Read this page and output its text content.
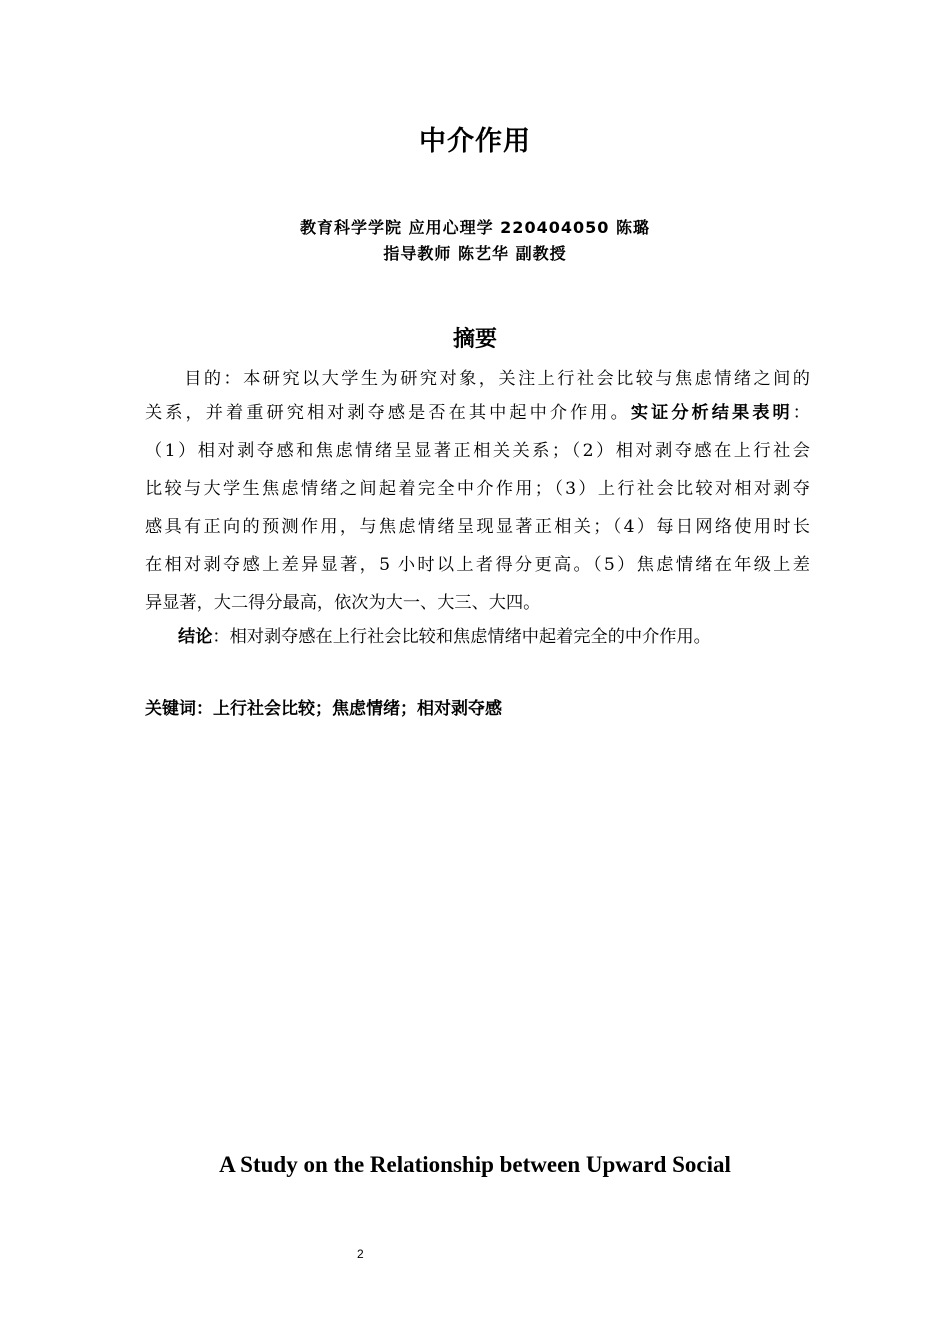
中介作用
教育科学学院 应用心理学 220404050 陈璐
指导教师 陈艺华 副教授
摘要
　　目的：本研究以大学生为研究对象，关注上行社会比较与焦虑情绪之间的
关系，并着重研究相对剥夺感是否在其中起中介作用。实证分析结果表明：
（1）相对剥夺感和焦虑情绪呈显著正相关关系；（2）相对剥夺感在上行社会
比较与大学生焦虑情绪之间起着完全中介作用；（3）上行社会比较对相对剥夺
感具有正向的预测作用，与焦虑情绪呈现显著正相关；（4）每日网络使用时长
在相对剥夺感上差异显著，5 小时以上者得分更高。（5）焦虑情绪在年级上差
异显著，大二得分最高，依次为大一、大三、大四。
结论：相对剥夺感在上行社会比较和焦虑情绪中起着完全的中介作用。
关键词：上行社会比较；焦虑情绪；相对剥夺感
A Study on the Relationship between Upward Social
2
